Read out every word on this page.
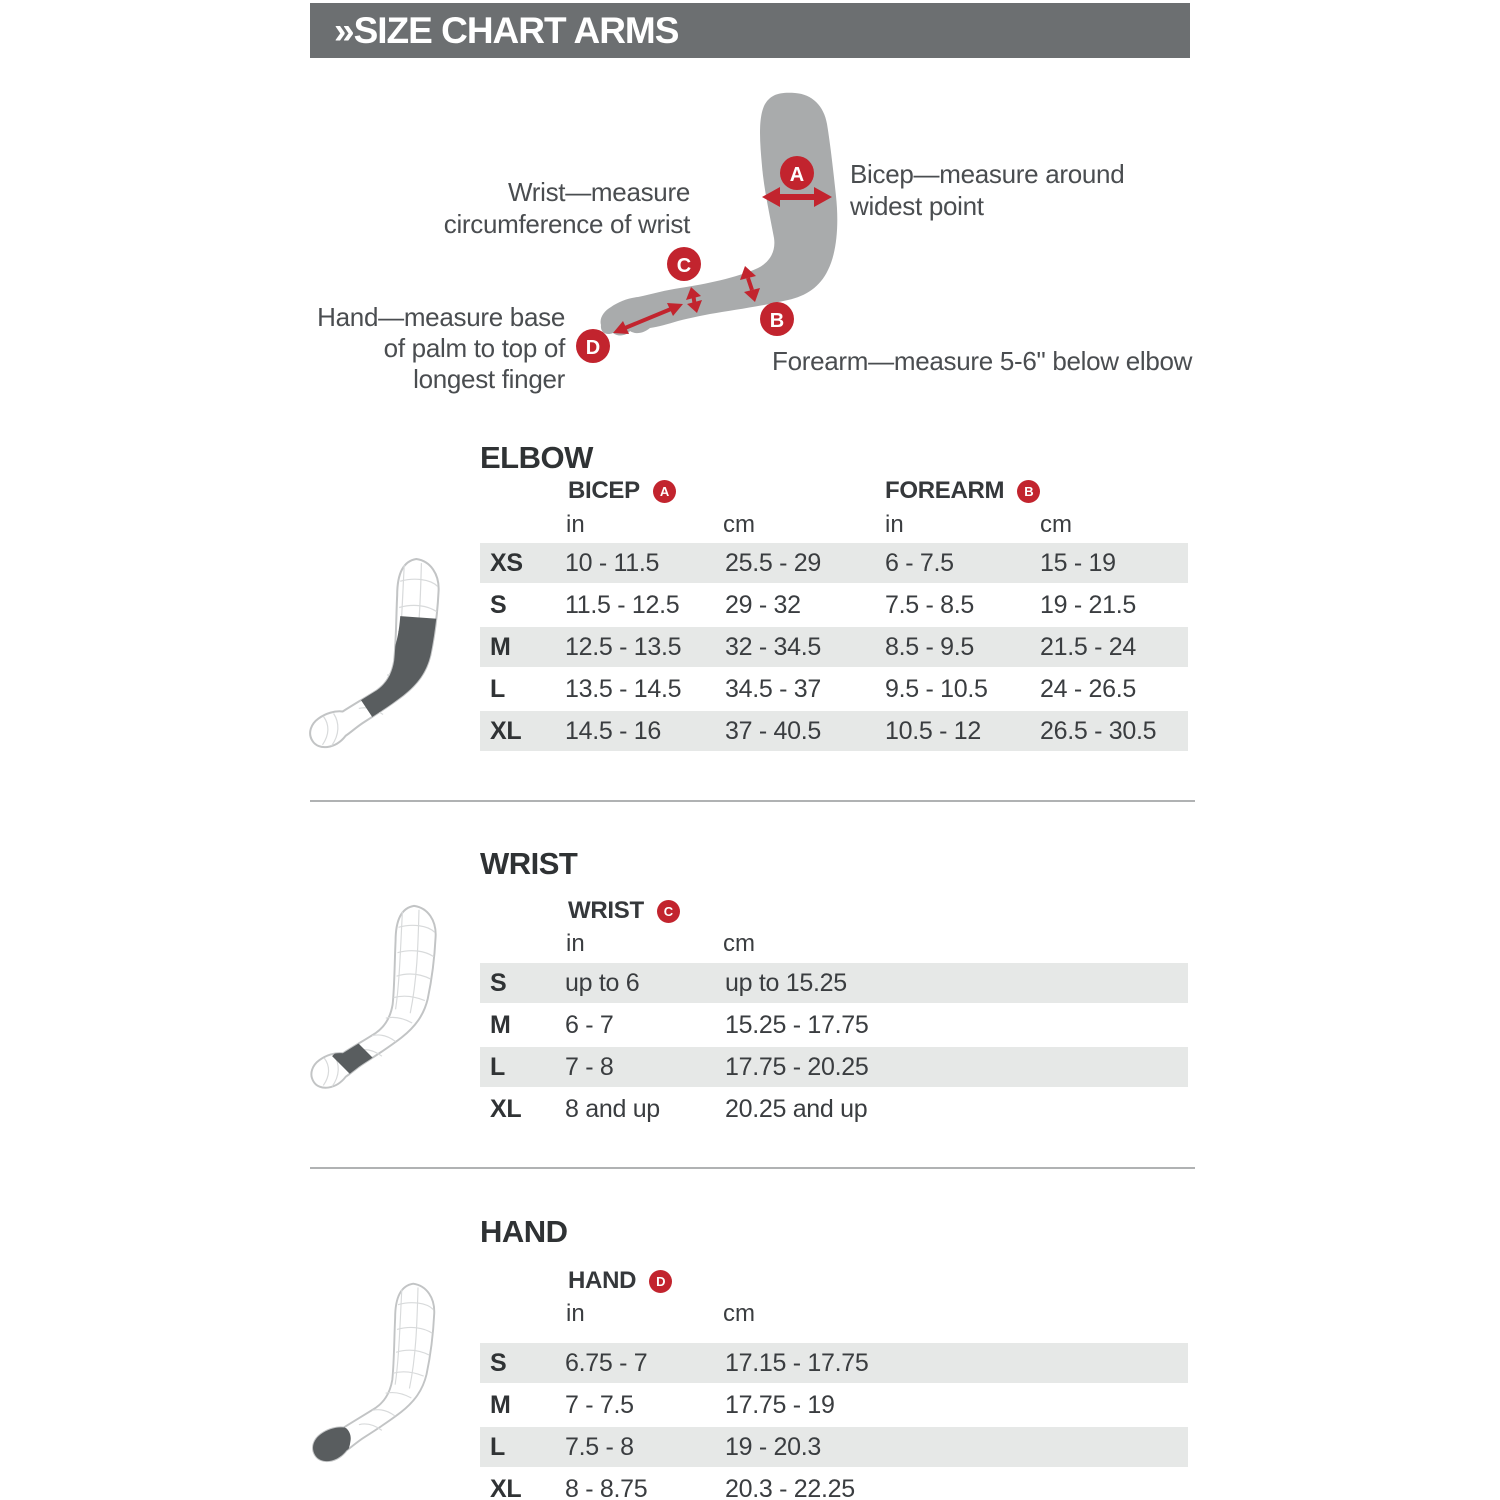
»SIZE CHART ARMS
A
B
C
D
Wrist—measure
circumference of wrist
Bicep—measure around
widest point
Hand—measure base
of palm to top of
longest finger
Forearm—measure 5-6" below elbow
ELBOW
BICEP	A	FOREARM	B
in	cm	in	cm
XS	10 - 11.5	25.5 - 29	6 - 7.5	15 - 19
S	11.5 - 12.5	29 - 32	7.5 - 8.5	19 - 21.5
M	12.5 - 13.5	32 - 34.5	8.5 - 9.5	21.5 - 24
L	13.5 - 14.5	34.5 - 37	9.5 - 10.5	24 - 26.5
XL	14.5 - 16	37 - 40.5	10.5 - 12	26.5 - 30.5
WRIST
WRIST	C
in	cm
S	up to 6	up to 15.25
M	6 - 7	15.25 - 17.75
L	7 - 8	17.75 - 20.25
XL	8 and up	20.25 and up
HAND
HAND	D
in	cm
S	6.75 - 7	17.15 - 17.75
M	7 - 7.5	17.75 - 19
L	7.5 - 8	19 - 20.3
XL	8 - 8.75	20.3 - 22.25
